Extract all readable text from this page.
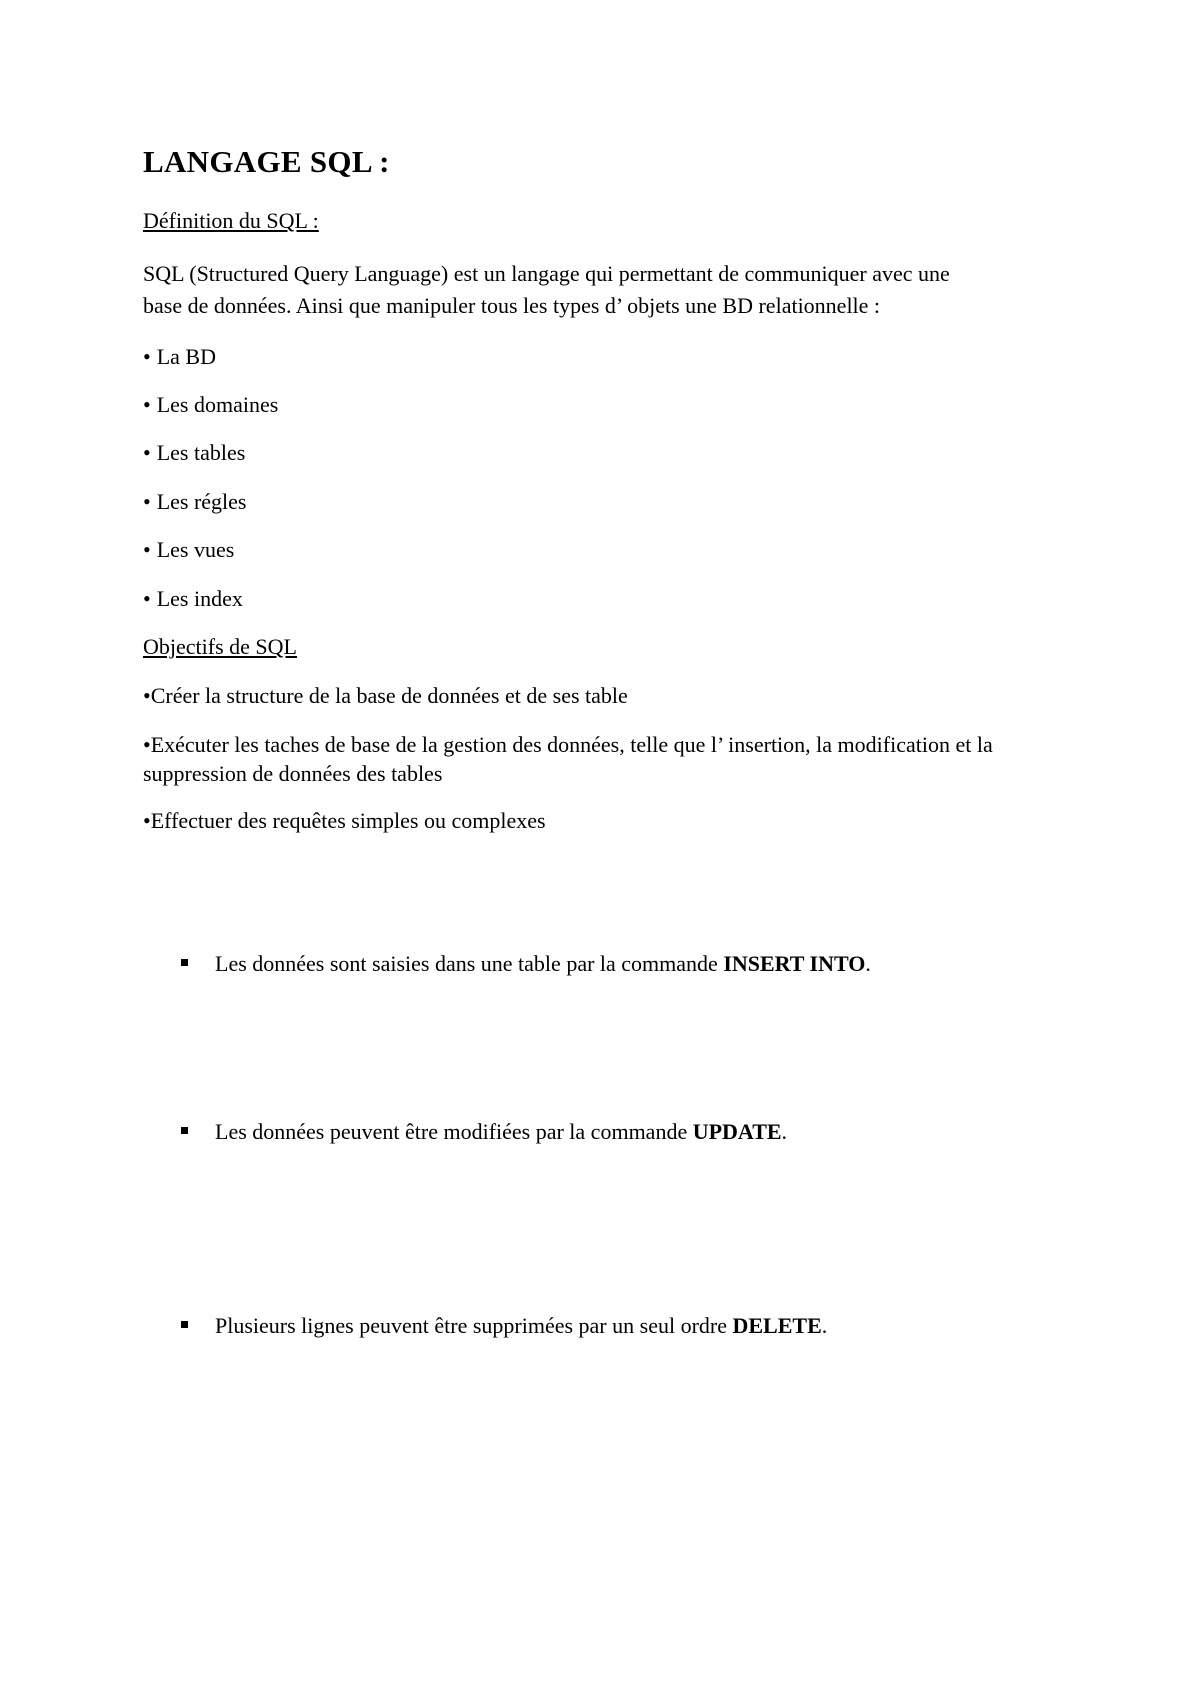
LANGAGE SQL :
Définition du SQL :
SQL (Structured Query Language) est un langage qui permettant de communiquer avec une
base de données. Ainsi que manipuler tous les types d’ objets une BD relationnelle :
• La BD
• Les domaines
• Les tables
• Les régles
• Les vues
• Les index
Objectifs de SQL
•Créer la structure de la base de données et de ses table
•Exécuter les taches de base de la gestion des données, telle que l’ insertion, la modification et la suppression de données des tables
•Effectuer des requêtes simples ou complexes
Les données sont saisies dans une table par la commande INSERT INTO.
Les données peuvent être modifiées par la commande UPDATE.
Plusieurs lignes peuvent être supprimées par un seul ordre DELETE.
